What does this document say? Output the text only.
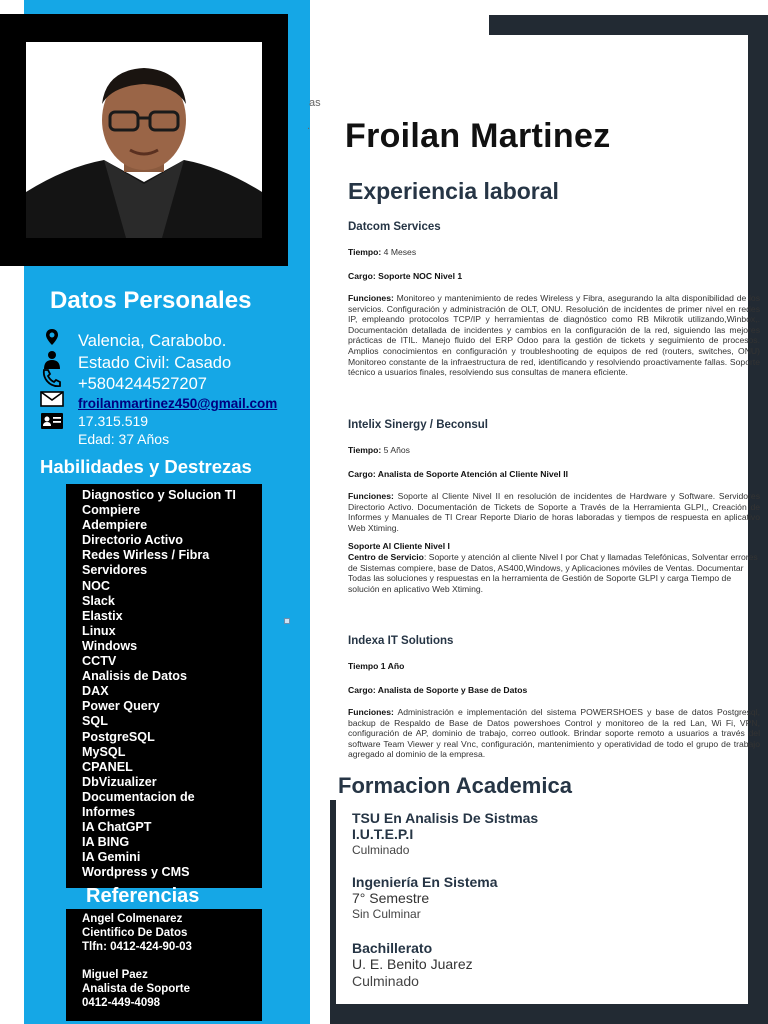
as
. Froilan Martinez
Experiencia laboral
Datcom Services
Tiempo: 4 Meses
Cargo: Soporte NOC Nivel 1
Funciones: Monitoreo y mantenimiento de redes Wireless y Fibra, asegurando la alta disponibilidad de los servicios. Configuración y administración de OLT, ONU. Resolución de incidentes de primer nivel en redes IP, empleando protocolos TCP/IP y herramientas de diagnóstico como RB Mikrotik utilizando,Winbox,. Documentación detallada de incidentes y cambios en la configuración de la red, siguiendo las mejores prácticas de ITIL. Manejo fluido del ERP Odoo para la gestión de tickets y seguimiento de procesos. Amplios conocimientos en configuración y troubleshooting de equipos de red (routers, switches, ONU) Monitoreo constante de la infraestructura de red, identificando y resolviendo proactivamente fallas. Soporte técnico a usuarios finales, resolviendo sus consultas de manera eficiente.
Intelix Sinergy / Beconsul
Tiempo: 5 Años
Cargo: Analista de Soporte Atención al Cliente Nivel II
Funciones: Soporte al Cliente Nivel II en resolución de incidentes de Hardware y Software. Servidores Directorio Activo. Documentación de Tickets de Soporte a Través de la Herramienta GLPI,, Creación de Informes y Manuales de TI Crear Reporte Diario de horas laboradas y tiempos de respuesta en aplicativo Web Xtiming.
Soporte Al Cliente Nivel I
Centro de Servicio: Soporte y atención al cliente Nivel I por Chat y llamadas Telefónicas, Solventar errores de Sistemas compiere, base de Datos, AS400,Windows, y Aplicaciones móviles de Ventas. Documentar Todas las soluciones y respuestas en la herramienta de Gestión de Soporte GLPI y carga Tiempo de solución en aplicativo Web Xtiming.
Indexa IT Solutions
Tiempo 1 Año
Cargo: Analista de Soporte y Base de Datos
Funciones: Administración e implementación del sistema POWERSHOES y base de datos Postgresql, backup de Respaldo de Base de Datos powershoes Control y monitoreo de la red Lan, Wi Fi, VPN, configuración de AP, dominio de trabajo, correo outlook. Brindar soporte remoto a usuarios a través del software Team Viewer y real Vnc, configuración, mantenimiento y operatividad de todo el grupo de trabajo agregado al dominio de la empresa.
Formacion Academica
TSU En Analisis De Sistmas
I.U.T.E.P.I
Culminado
Ingeniería En Sistema
7° Semestre
Sin Culminar
Bachillerato
U. E. Benito Juarez
Culminado
Datos Personales
Valencia, Carabobo.
Estado Civil: Casado
+5804244527207
froilanmartinez450@gmail.com
17.315.519
Edad: 37 Años
Habilidades y Destrezas
Diagnostico y Solucion TI
Compiere
Adempiere
Directorio Activo
Redes Wirless / Fibra
Servidores
NOC
Slack
Elastix
Linux
Windows
CCTV
Analisis de Datos
DAX
Power Query
SQL
PostgreSQL
MySQL
CPANEL
DbVizualizer
Documentacion de
Informes
IA ChatGPT
IA BING
IA Gemini
Wordpress y CMS
Referencias
Angel Colmenarez
Cientifico De Datos
Tlfn: 0412-424-90-03
Miguel Paez
Analista de Soporte
0412-449-4098
